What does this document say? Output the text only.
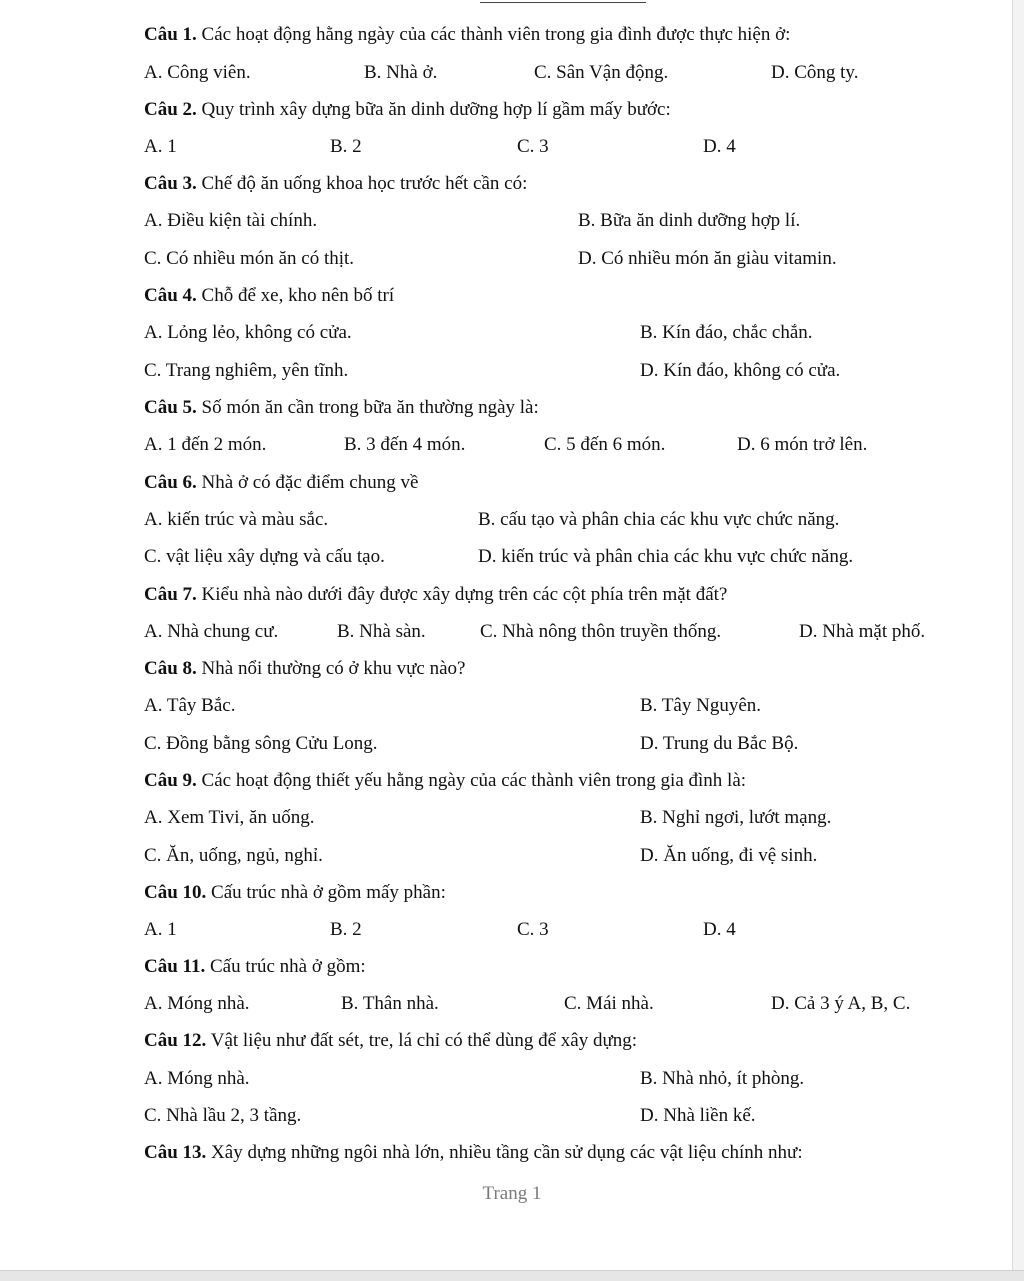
Câu 1. Các hoạt động hằng ngày của các thành viên trong gia đình được thực hiện ở:
A. Công viên.	B. Nhà ở.	C. Sân Vận động.	D. Công ty.
Câu 2. Quy trình xây dựng bữa ăn dinh dưỡng hợp lí gầm mấy bước:
A. 1	B. 2	C. 3	D. 4
Câu 3. Chế độ ăn uống khoa học trước hết cần có:
A. Điều kiện tài chính.	B. Bữa ăn dinh dưỡng hợp lí.
C. Có nhiều món ăn có thịt.	D. Có nhiều món ăn giàu vitamin.
Câu 4. Chỗ để xe, kho nên bố trí
A. Lỏng lẻo, không có cửa.	B. Kín đáo, chắc chắn.
C. Trang nghiêm, yên tĩnh.	D. Kín đáo, không có cửa.
Câu 5. Số món ăn cần trong bữa ăn thường ngày là:
A. 1 đến 2 món.	B. 3 đến 4 món.	C. 5 đến 6 món.	D. 6 món trở lên.
Câu 6. Nhà ở có đặc điểm chung về
A. kiến trúc và màu sắc.	B. cấu tạo và phân chia các khu vực chức năng.
C. vật liệu xây dựng và cấu tạo.	D. kiến trúc và phân chia các khu vực chức năng.
Câu 7. Kiểu nhà nào dưới đây được xây dựng trên các cột phía trên mặt đất?
A. Nhà chung cư.	B. Nhà sàn.	C. Nhà nông thôn truyền thống.	D. Nhà mặt phố.
Câu 8. Nhà nổi thường có ở khu vực nào?
A. Tây Bắc.	B. Tây Nguyên.
C. Đồng bằng sông Cửu Long.	D. Trung du Bắc Bộ.
Câu 9. Các hoạt động thiết yếu hằng ngày của các thành viên trong gia đình là:
A. Xem Tivi, ăn uống.	B. Nghỉ ngơi, lướt mạng.
C. Ăn, uống, ngủ, nghỉ.	D. Ăn uống, đi vệ sinh.
Câu 10. Cấu trúc nhà ở gồm mấy phần:
A. 1	B. 2	C. 3	D. 4
Câu 11. Cấu trúc nhà ở gồm:
A. Móng nhà.	B. Thân nhà.	C. Mái nhà.	D. Cả 3 ý A, B, C.
Câu 12. Vật liệu như đất sét, tre, lá chỉ có thể dùng để xây dựng:
A. Móng nhà.	B. Nhà nhỏ, ít phòng.
C. Nhà lầu 2, 3 tầng.	D. Nhà liền kế.
Câu 13. Xây dựng những ngôi nhà lớn, nhiều tầng cần sử dụng các vật liệu chính như:
Trang 1
